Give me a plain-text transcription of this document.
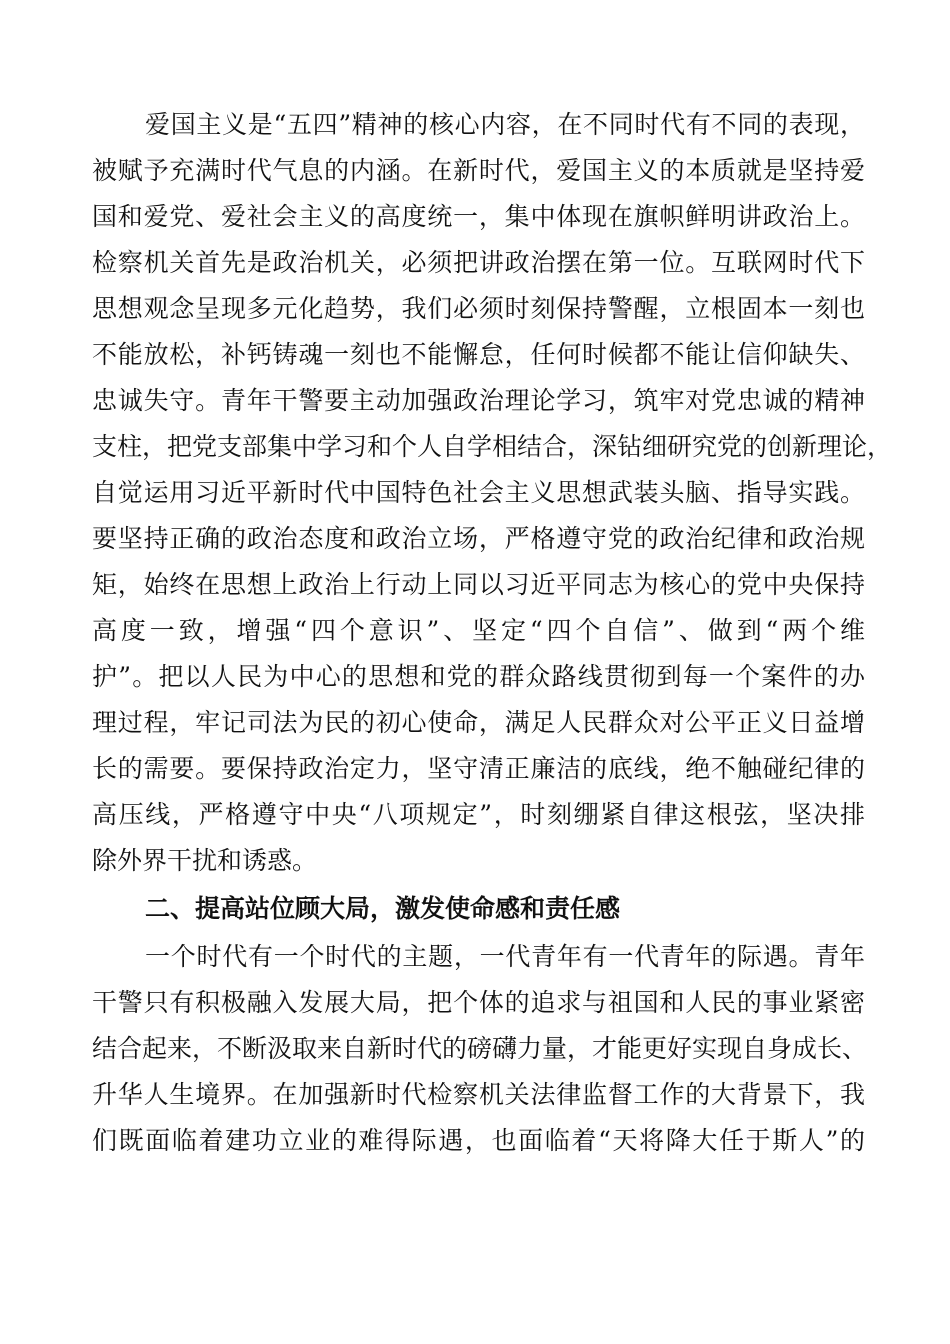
爱国主义是“五四”精神的核心内容，在不同时代有不同的表现，
被赋予充满时代气息的内涵。在新时代，爱国主义的本质就是坚持爱
国和爱党、爱社会主义的高度统一，集中体现在旗帜鲜明讲政治上。
检察机关首先是政治机关，必须把讲政治摆在第一位。互联网时代下
思想观念呈现多元化趋势，我们必须时刻保持警醒，立根固本一刻也
不能放松，补钙铸魂一刻也不能懈怠，任何时候都不能让信仰缺失、
忠诚失守。青年干警要主动加强政治理论学习，筑牢对党忠诚的精神
支柱，把党支部集中学习和个人自学相结合，深钻细研究党的创新理论，
自觉运用习近平新时代中国特色社会主义思想武装头脑、指导实践。
要坚持正确的政治态度和政治立场，严格遵守党的政治纪律和政治规
矩，始终在思想上政治上行动上同以习近平同志为核心的党中央保持
高度一致，增强“四个意识”、坚定“四个自信”、做到“两个维
护”。把以人民为中心的思想和党的群众路线贯彻到每一个案件的办
理过程，牢记司法为民的初心使命，满足人民群众对公平正义日益增
长的需要。要保持政治定力，坚守清正廉洁的底线，绝不触碰纪律的
高压线，严格遵守中央“八项规定”，时刻绷紧自律这根弦，坚决排
除外界干扰和诱惑。
二、提高站位顾大局，激发使命感和责任感
一个时代有一个时代的主题，一代青年有一代青年的际遇。青年
干警只有积极融入发展大局，把个体的追求与祖国和人民的事业紧密
结合起来，不断汲取来自新时代的磅礴力量，才能更好实现自身成长、
升华人生境界。在加强新时代检察机关法律监督工作的大背景下，我
们既面临着建功立业的难得际遇，也面临着“天将降大任于斯人”的
